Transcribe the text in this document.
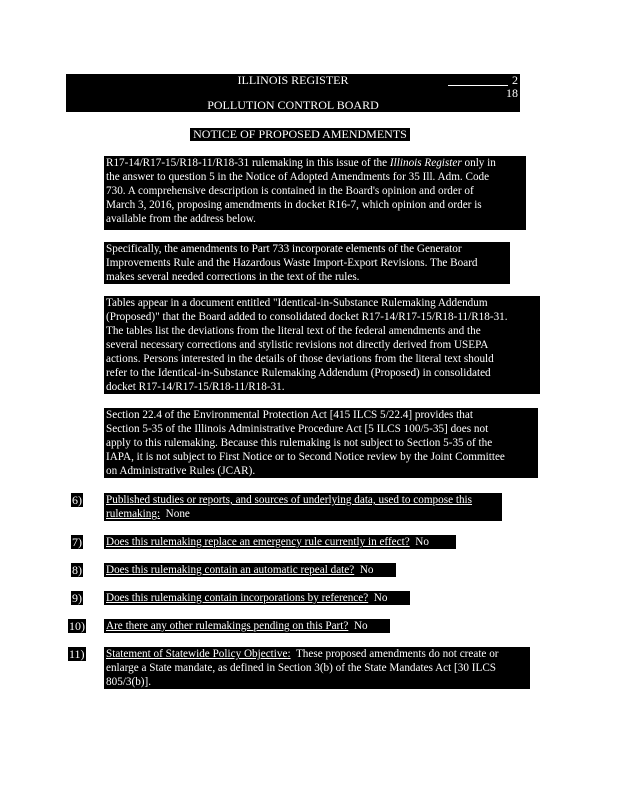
ILLINOIS REGISTER	2
18
POLLUTION CONTROL BOARD
NOTICE OF PROPOSED AMENDMENTS
R17-14/R17-15/R18-11/R18-31 rulemaking in this issue of the Illinois Register only in
the answer to question 5 in the Notice of Adopted Amendments for 35 Ill. Adm. Code
730. A comprehensive description is contained in the Board's opinion and order of
March 3, 2016, proposing amendments in docket R16-7, which opinion and order is
available from the address below.
Specifically, the amendments to Part 733 incorporate elements of the Generator
Improvements Rule and the Hazardous Waste Import-Export Revisions. The Board
makes several needed corrections in the text of the rules.
Tables appear in a document entitled "Identical-in-Substance Rulemaking Addendum
(Proposed)" that the Board added to consolidated docket R17-14/R17-15/R18-11/R18-31.
The tables list the deviations from the literal text of the federal amendments and the
several necessary corrections and stylistic revisions not directly derived from USEPA
actions. Persons interested in the details of those deviations from the literal text should
refer to the Identical-in-Substance Rulemaking Addendum (Proposed) in consolidated
docket R17-14/R17-15/R18-11/R18-31.
Section 22.4 of the Environmental Protection Act [415 ILCS 5/22.4] provides that
Section 5-35 of the Illinois Administrative Procedure Act [5 ILCS 100/5-35] does not
apply to this rulemaking. Because this rulemaking is not subject to Section 5-35 of the
IAPA, it is not subject to First Notice or to Second Notice review by the Joint Committee
on Administrative Rules (JCAR).
6) Published studies or reports, and sources of underlying data, used to compose this
rulemaking: None
7) Does this rulemaking replace an emergency rule currently in effect? No
8) Does this rulemaking contain an automatic repeal date? No
9) Does this rulemaking contain incorporations by reference? No
10) Are there any other rulemakings pending on this Part? No
11) Statement of Statewide Policy Objective: These proposed amendments do not create or
enlarge a State mandate, as defined in Section 3(b) of the State Mandates Act [30 ILCS
805/3(b)].
